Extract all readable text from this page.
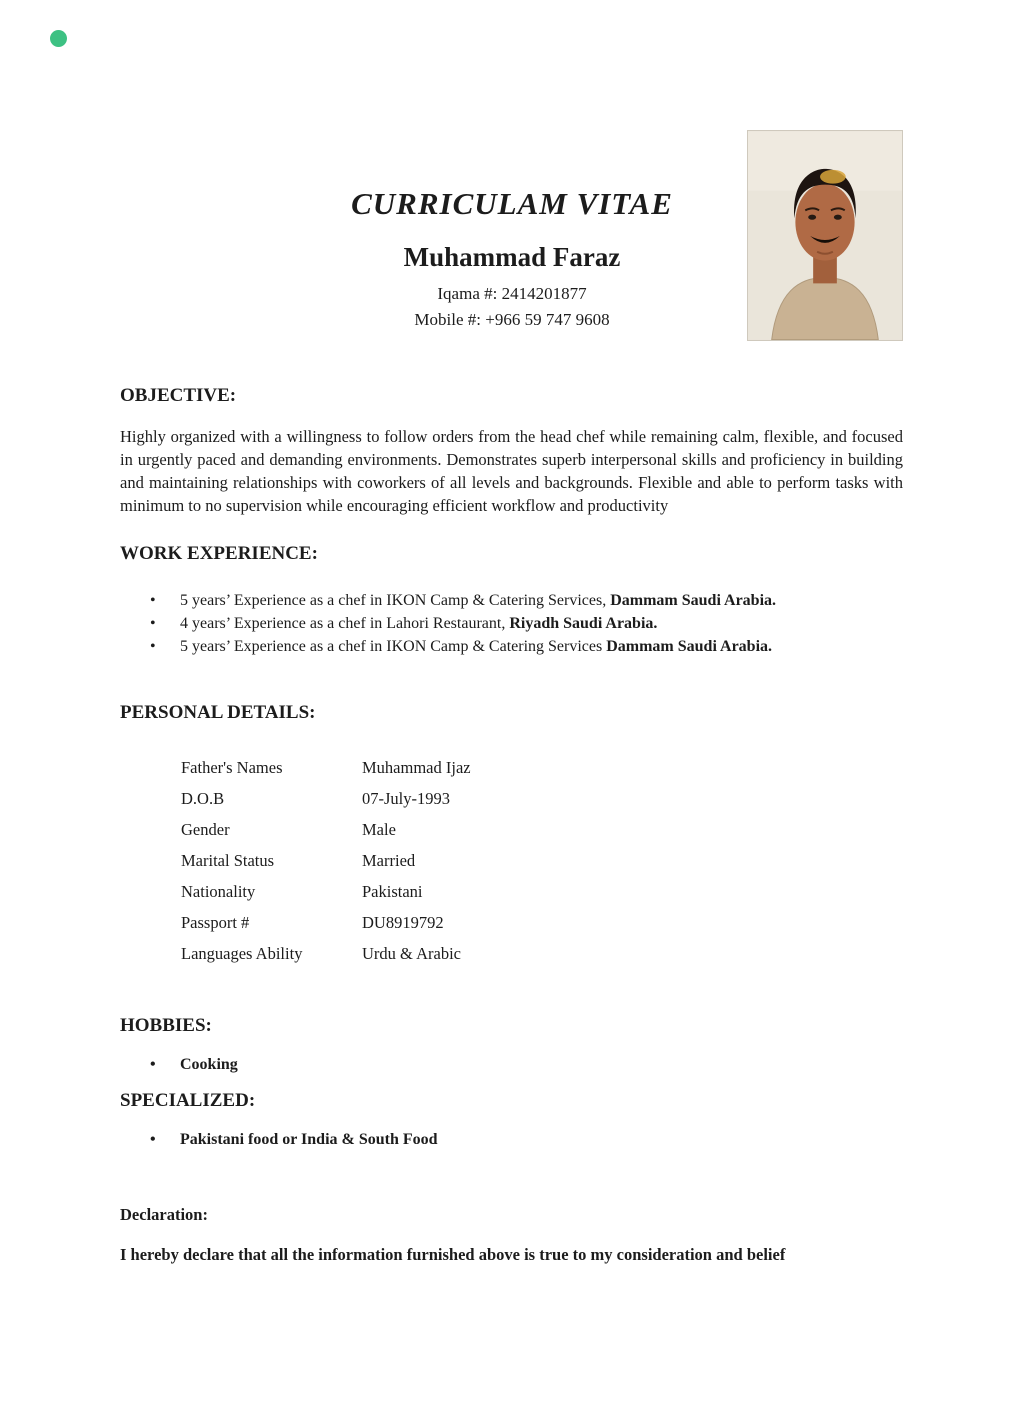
CURRICULAM VITAE
Muhammad Faraz
Iqama #: 2414201877
Mobile #: +966 59 747 9608
OBJECTIVE:
Highly organized with a willingness to follow orders from the head chef while remaining calm, flexible, and focused in urgently paced and demanding environments. Demonstrates superb interpersonal skills and proficiency in building and maintaining relationships with coworkers of all levels and backgrounds. Flexible and able to perform tasks with minimum to no supervision while encouraging efficient workflow and productivity
WORK EXPERIENCE:
• 5 years’ Experience as a chef in IKON Camp & Catering Services, Dammam Saudi Arabia.
• 4 years’ Experience as a chef in Lahori Restaurant, Riyadh Saudi Arabia.
• 5 years’ Experience as a chef in IKON Camp & Catering Services Dammam Saudi Arabia.
PERSONAL DETAILS:
Father's Names	Muhammad Ijaz
D.O.B	07-July-1993
Gender	Male
Marital Status	Married
Nationality	Pakistani
Passport #	DU8919792
Languages Ability	Urdu & Arabic
HOBBIES:
• Cooking
SPECIALIZED:
• Pakistani food or India & South Food
Declaration:
I hereby declare that all the information furnished above is true to my consideration and belief
